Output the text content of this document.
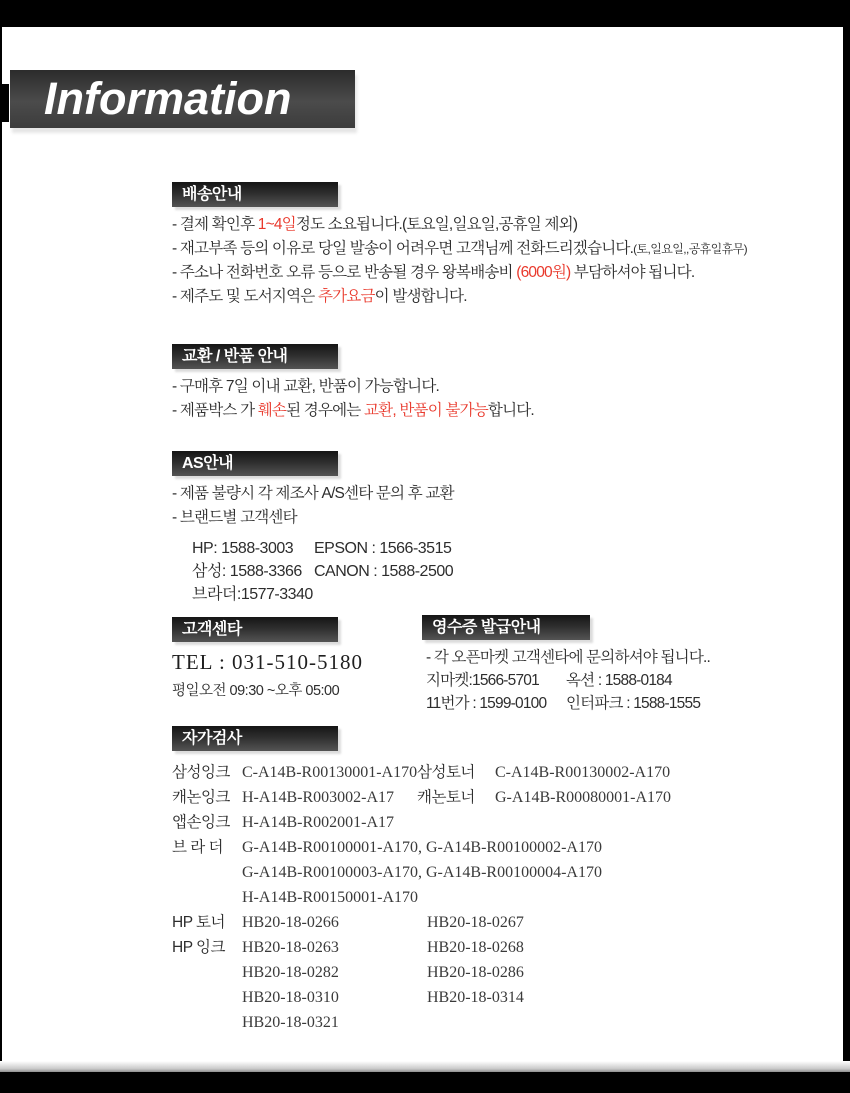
Information
배송안내
- 결제 확인후 1~4일정도 소요됩니다.(토요일,일요일,공휴일 제외)
- 재고부족 등의 이유로 당일 발송이 어려우면 고객님께 전화드리겠습니다.(토,일요일,,공휴일휴무)
- 주소나 전화번호 오류 등으로 반송될 경우 왕복배송비 (6000원) 부담하셔야 됩니다.
- 제주도 및 도서지역은 추가요금이 발생합니다.
교환 / 반품 안내
- 구매후 7일 이내 교환, 반품이 가능합니다.
- 제품박스 가 훼손된 경우에는 교환, 반품이 불가능합니다.
AS안내
- 제품 불량시 각 제조사 A/S센타 문의 후 교환
- 브랜드별 고객센타
HP: 1588-3003 EPSON : 1566-3515
삼성: 1588-3366 CANON : 1588-2500
브라더:1577-3340
고객센타
TEL : 031-510-5180
평일오전 09:30 ~오후 05:00
영수증 발급안내
- 각 오픈마켓 고객센타에 문의하셔야 됩니다..
지마켓:1566-5701 옥션 : 1588-0184
11번가 : 1599-0100 인터파크 : 1588-1555
자가검사
삼성잉크 C-A14B-R00130001-A170 삼성토너	C-A14B-R00130002-A170
캐논잉크 H-A14B-R003002-A17	캐논토너	G-A14B-R00080001-A170
앱손잉크 H-A14B-R002001-A17
브 라 더	G-A14B-R00100001-A170, G-A14B-R00100002-A170
G-A14B-R00100003-A170, G-A14B-R00100004-A170
H-A14B-R00150001-A170
HP 토너	HB20-18-0266	HB20-18-0267
HP 잉크	HB20-18-0263	HB20-18-0268
HB20-18-0282	HB20-18-0286
HB20-18-0310	HB20-18-0314
HB20-18-0321
